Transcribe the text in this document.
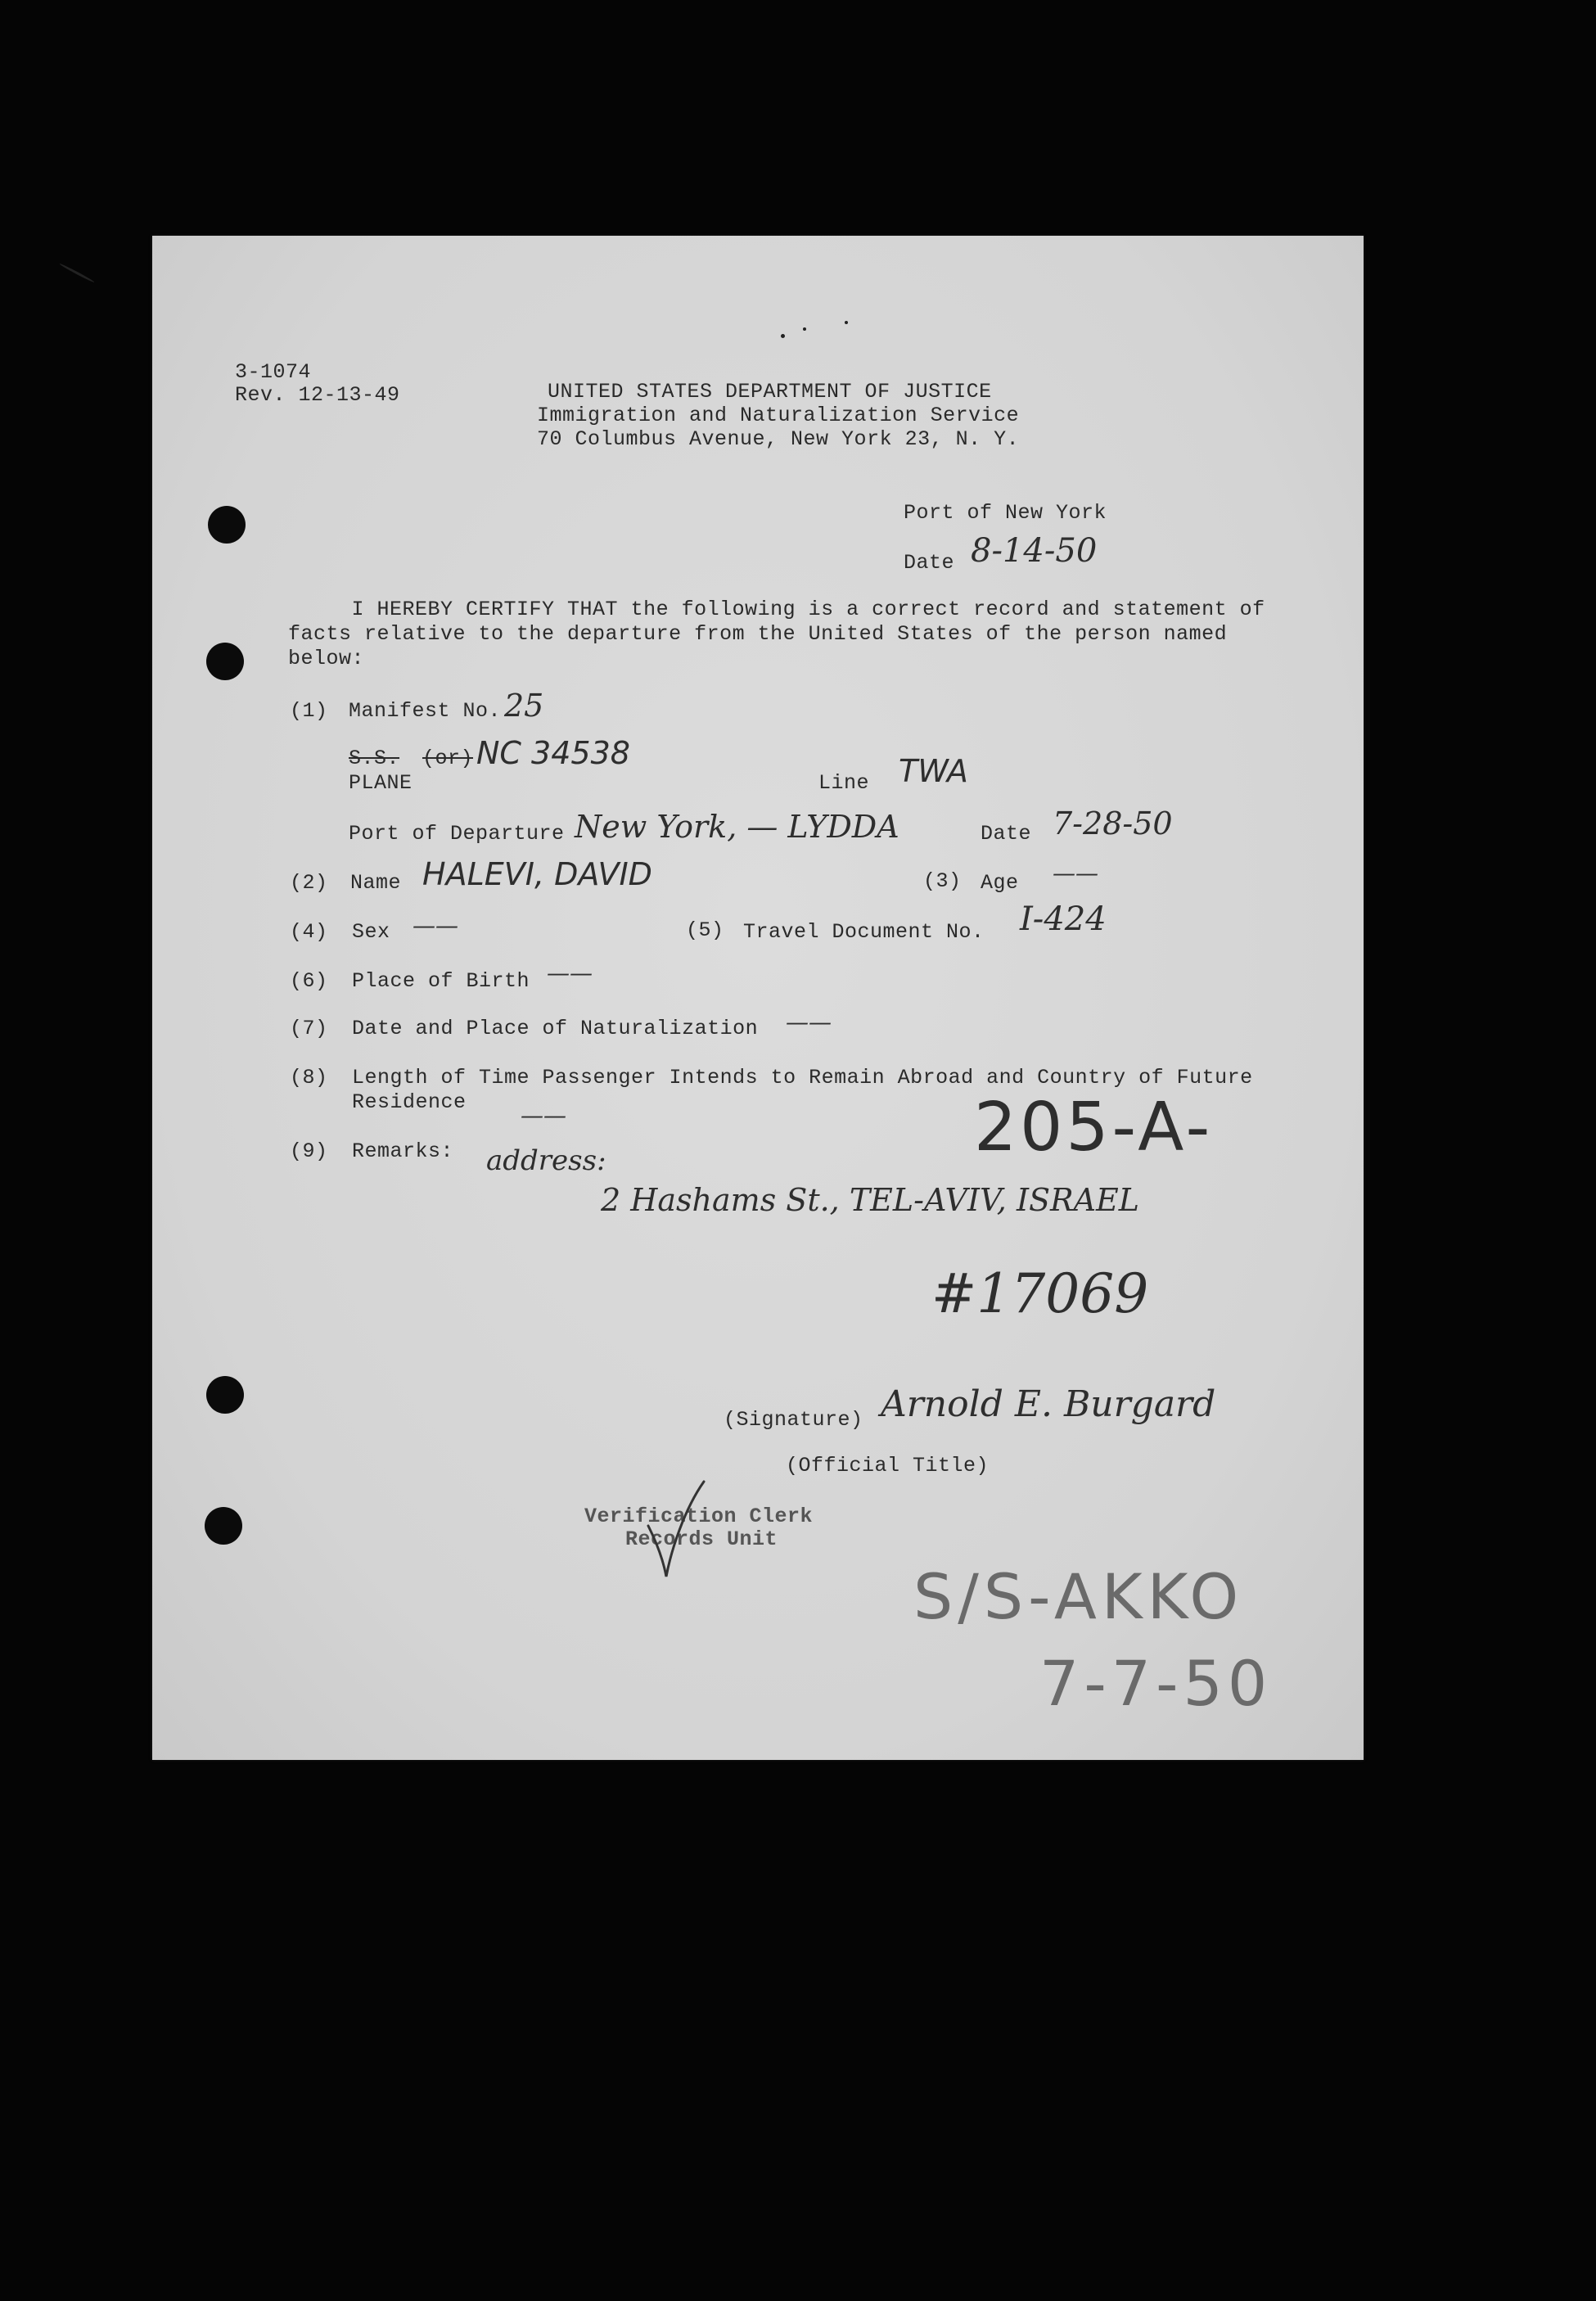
3-1074
Rev. 12-13-49	UNITED STATES DEPARTMENT OF JUSTICE
Immigration and Naturalization Service
70 Columbus Avenue, New York 23, N. Y.
Port of New York
Date 8-14-50
I HEREBY CERTIFY THAT the following is a correct record and statement of
facts relative to the departure from the United States of the person named
below:
(1) Manifest No. 25
S.S. (or)
PLANE
NC 34538
Line TWA
Port of Departure New York, — LYDDA	Date 7-28-50
(2) Name HALEVI, DAVID	(3) Age ——
(4) Sex ——	(5) Travel Document No. I-424
(6) Place of Birth ——
(7) Date and Place of Naturalization ——
(8) Length of Time Passenger Intends to Remain Abroad and Country of Future
Residence ——
(9) Remarks: address:
2 Hashams St., TEL-AVIV, ISRAEL
205-A-
#17069
(Signature) Arnold E. Burgard
(Official Title)
Verification Clerk
Records Unit
S/S-AKKO
7-7-50
